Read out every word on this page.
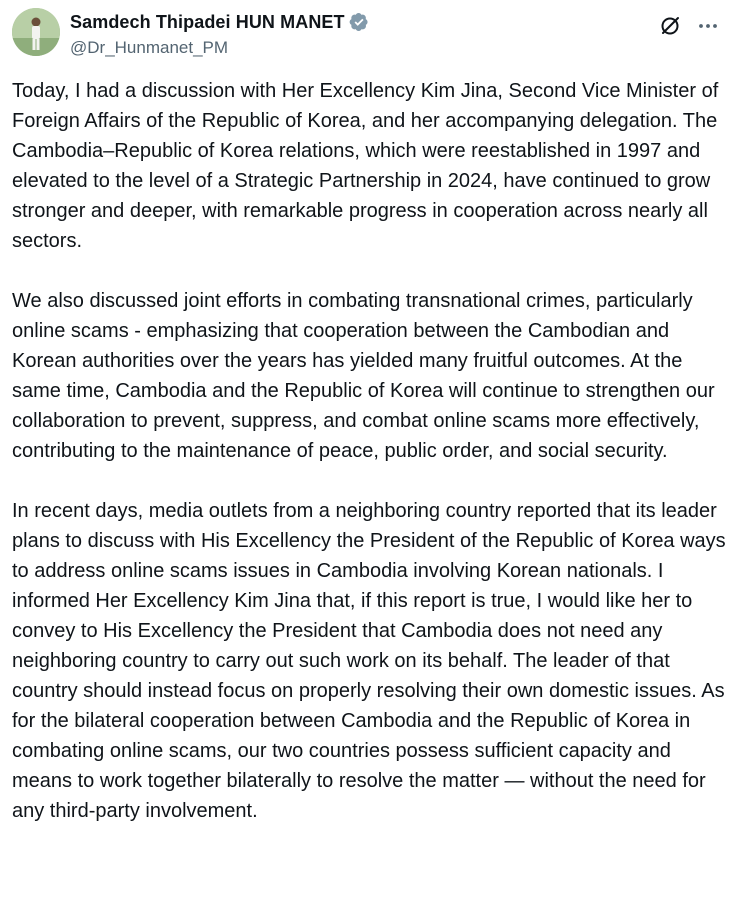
Samdech Thipadei HUN MANET
@Dr_Hunmanet_PM

Today, I had a discussion with Her Excellency Kim Jina, Second Vice Minister of Foreign Affairs of the Republic of Korea, and her accompanying delegation. The Cambodia–Republic of Korea relations, which were reestablished in 1997 and elevated to the level of a Strategic Partnership in 2024, have continued to grow stronger and deeper, with remarkable progress in cooperation across nearly all sectors.

We also discussed joint efforts in combating transnational crimes, particularly online scams - emphasizing that cooperation between the Cambodian and Korean authorities over the years has yielded many fruitful outcomes. At the same time, Cambodia and the Republic of Korea will continue to strengthen our collaboration to prevent, suppress, and combat online scams more effectively, contributing to the maintenance of peace, public order, and social security.

In recent days, media outlets from a neighboring country reported that its leader plans to discuss with His Excellency the President of the Republic of Korea ways to address online scams issues in Cambodia involving Korean nationals. I informed Her Excellency Kim Jina that, if this report is true, I would like her to convey to His Excellency the President that Cambodia does not need any neighboring country to carry out such work on its behalf. The leader of that country should instead focus on properly resolving their own domestic issues. As for the bilateral cooperation between Cambodia and the Republic of Korea in combating online scams, our two countries possess sufficient capacity and means to work together bilaterally to resolve the matter — without the need for any third-party involvement.
